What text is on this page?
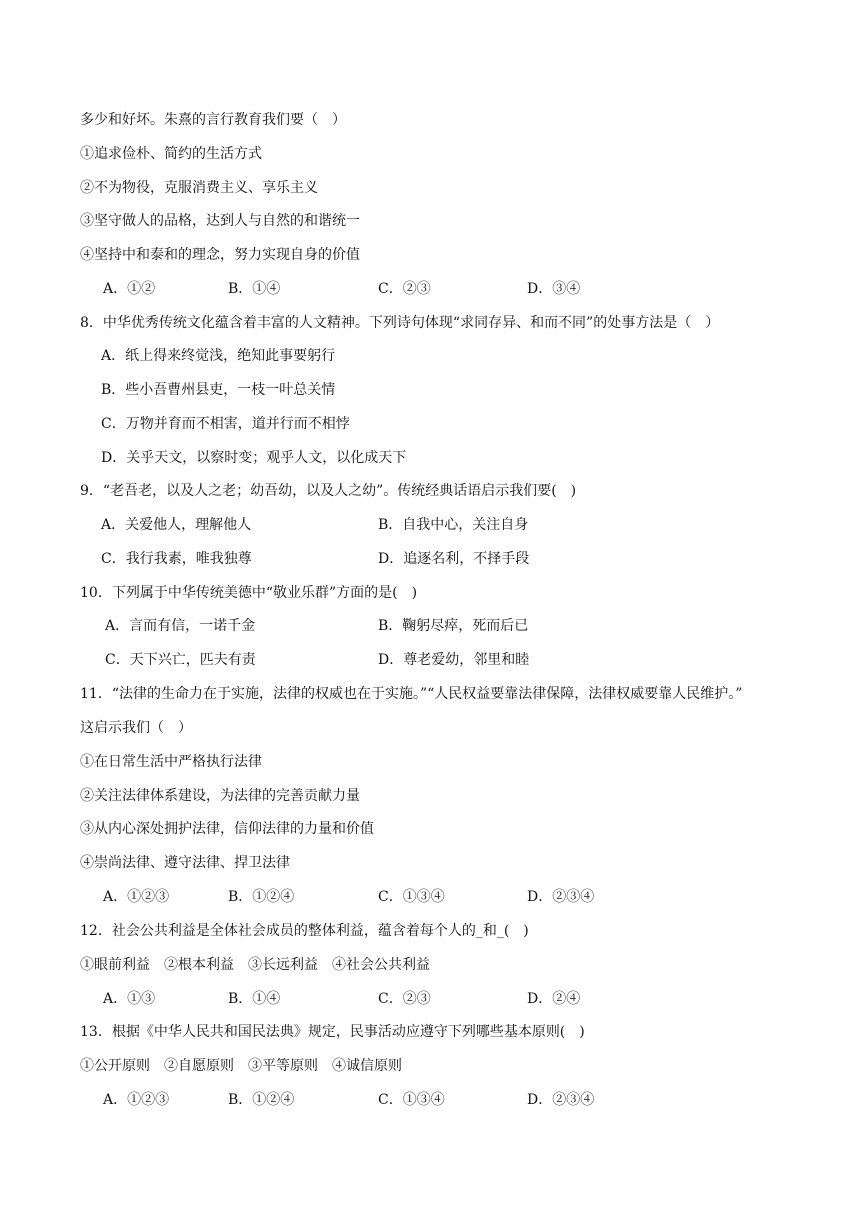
多少和好坏。朱熹的言行教育我们要（　）
①追求俭朴、简约的生活方式
②不为物役，克服消费主义、享乐主义
③坚守做人的品格，达到人与自然的和谐统一
④坚持中和泰和的理念，努力实现自身的价值
A．①②	B．①④	C．②③	D．③④
8．中华优秀传统文化蕴含着丰富的人文精神。下列诗句体现“求同存异、和而不同”的处事方法是（　）
A．纸上得来终觉浅，绝知此事要躬行
B．些小吾曹州县吏，一枝一叶总关情
C．万物并育而不相害，道并行而不相悖
D．关乎天文，以察时变；观乎人文，以化成天下
9．“老吾老，以及人之老；幼吾幼，以及人之幼”。传统经典话语启示我们要(　)
A．关爱他人，理解他人	B．自我中心，关注自身
C．我行我素，唯我独尊	D．追逐名利，不择手段
10．下列属于中华传统美德中“敬业乐群”方面的是(　)
A．言而有信，一诺千金	B．鞠躬尽瘁，死而后已
C．天下兴亡，匹夫有责	D．尊老爱幼，邻里和睦
11．“法律的生命力在于实施，法律的权威也在于实施。”“人民权益要靠法律保障，法律权威要靠人民维护。”
这启示我们（　）
①在日常生活中严格执行法律
②关注法律体系建设，为法律的完善贡献力量
③从内心深处拥护法律，信仰法律的力量和价值
④崇尚法律、遵守法律、捍卫法律
A．①②③	B．①②④	C．①③④	D．②③④
12．社会公共利益是全体社会成员的整体利益，蕴含着每个人的_和_(　)
①眼前利益　②根本利益　③长远利益　④社会公共利益
A．①③	B．①④	C．②③	D．②④
13．根据《中华人民共和国民法典》规定，民事活动应遵守下列哪些基本原则(　)
①公开原则　②自愿原则　③平等原则　④诚信原则
A．①②③	B．①②④	C．①③④	D．②③④
